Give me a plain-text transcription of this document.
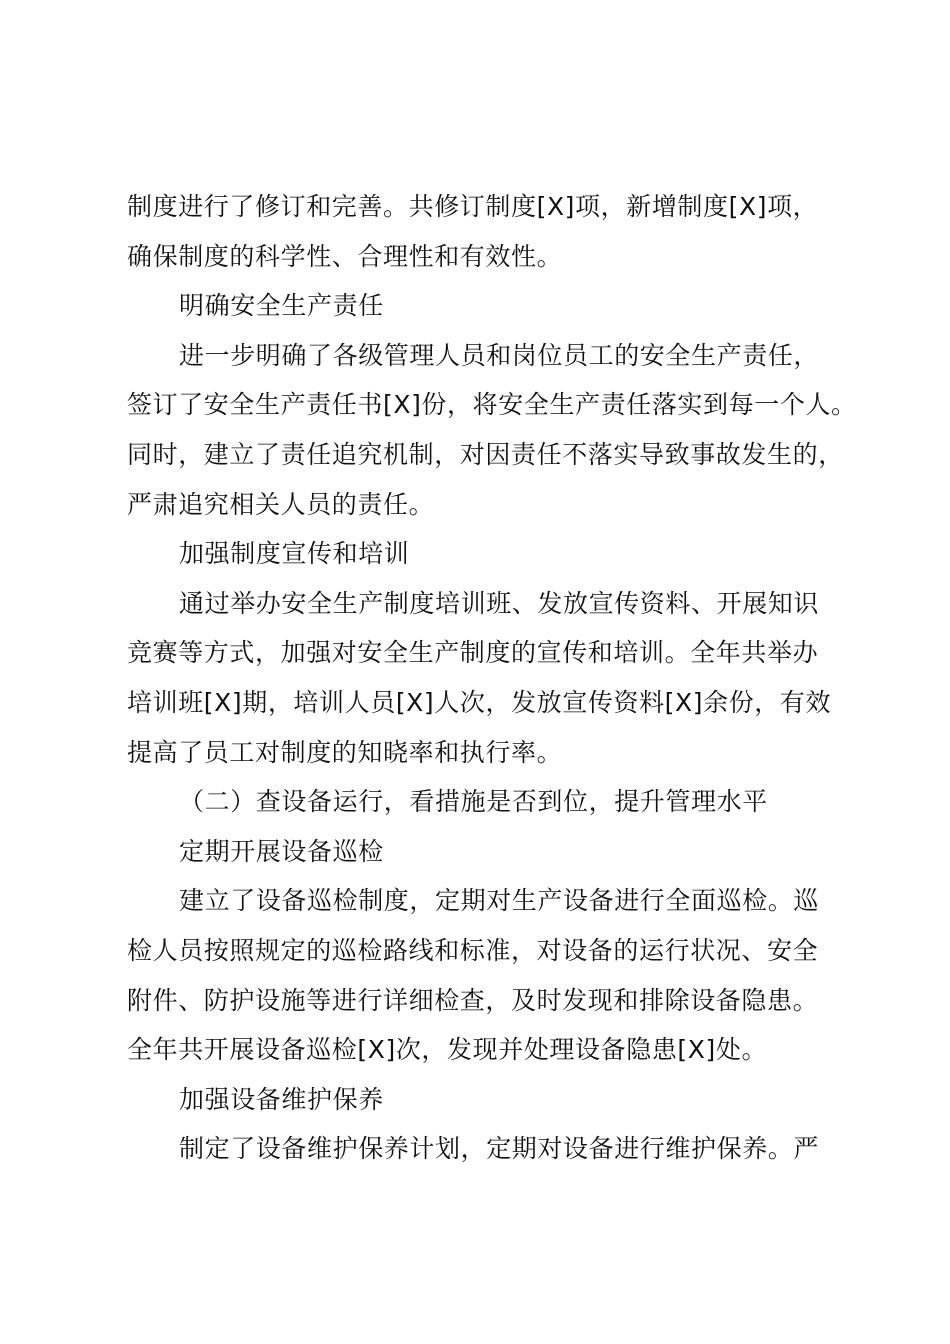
制度进行了修订和完善。共修订制度[X]项，新增制度[X]项，
确保制度的科学性、合理性和有效性。
明确安全生产责任
进一步明确了各级管理人员和岗位员工的安全生产责任，
签订了安全生产责任书[X]份，将安全生产责任落实到每一个人。
同时，建立了责任追究机制，对因责任不落实导致事故发生的，
严肃追究相关人员的责任。
加强制度宣传和培训
通过举办安全生产制度培训班、发放宣传资料、开展知识
竞赛等方式，加强对安全生产制度的宣传和培训。全年共举办
培训班[X]期，培训人员[X]人次，发放宣传资料[X]余份，有效
提高了员工对制度的知晓率和执行率。
（二）查设备运行，看措施是否到位，提升管理水平
定期开展设备巡检
建立了设备巡检制度，定期对生产设备进行全面巡检。巡
检人员按照规定的巡检路线和标准，对设备的运行状况、安全
附件、防护设施等进行详细检查，及时发现和排除设备隐患。
全年共开展设备巡检[X]次，发现并处理设备隐患[X]处。
加强设备维护保养
制定了设备维护保养计划，定期对设备进行维护保养。严
